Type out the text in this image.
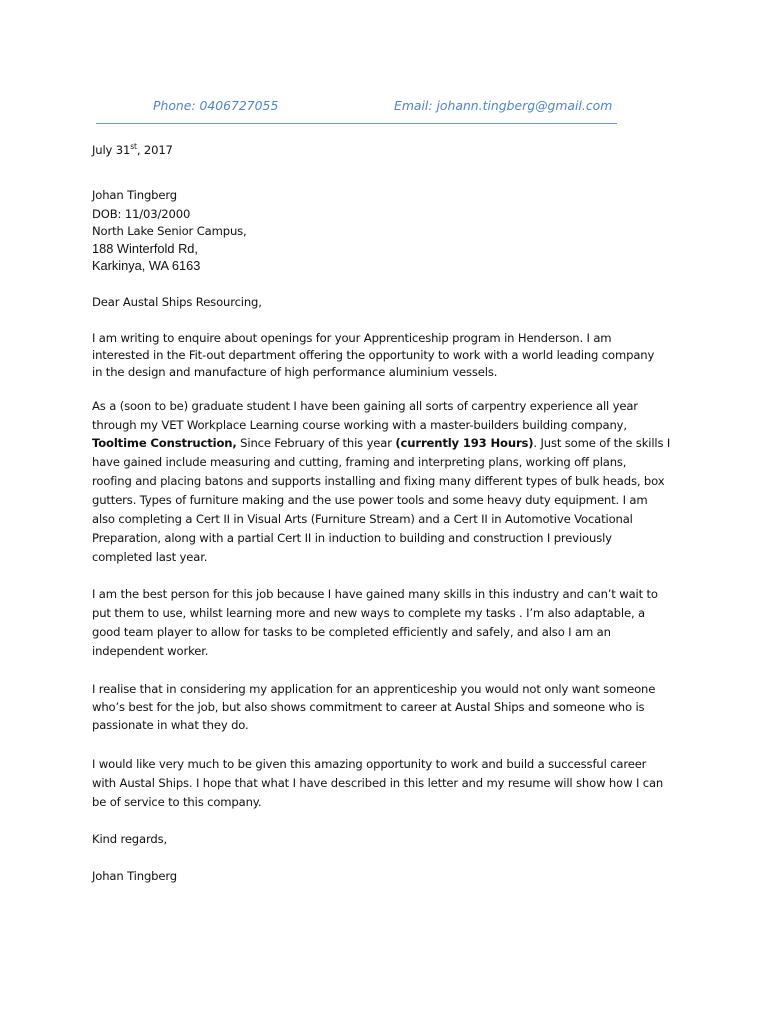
Phone: 0406727055	Email: johann.tingberg@gmail.com
July 31st, 2017
Johan Tingberg
DOB: 11/03/2000
North Lake Senior Campus,
188 Winterfold Rd,
Karkinya, WA 6163
Dear Austal Ships Resourcing,
I am writing to enquire about openings for your Apprenticeship program in Henderson. I am
interested in the Fit-out department offering the opportunity to work with a world leading company
in the design and manufacture of high performance aluminium vessels.
As a (soon to be) graduate student I have been gaining all sorts of carpentry experience all year
through my VET Workplace Learning course working with a master-builders building company,
Tooltime Construction, Since February of this year (currently 193 Hours). Just some of the skills I
have gained include measuring and cutting, framing and interpreting plans, working off plans,
roofing and placing batons and supports installing and fixing many different types of bulk heads, box
gutters. Types of furniture making and the use power tools and some heavy duty equipment. I am
also completing a Cert II in Visual Arts (Furniture Stream) and a Cert II in Automotive Vocational
Preparation, along with a partial Cert II in induction to building and construction I previously
completed last year.
I am the best person for this job because I have gained many skills in this industry and can’t wait to
put them to use, whilst learning more and new ways to complete my tasks . I’m also adaptable, a
good team player to allow for tasks to be completed efficiently and safely, and also I am an
independent worker.
I realise that in considering my application for an apprenticeship you would not only want someone
who’s best for the job, but also shows commitment to career at Austal Ships and someone who is
passionate in what they do.
I would like very much to be given this amazing opportunity to work and build a successful career
with Austal Ships. I hope that what I have described in this letter and my resume will show how I can
be of service to this company.
Kind regards,
Johan Tingberg
